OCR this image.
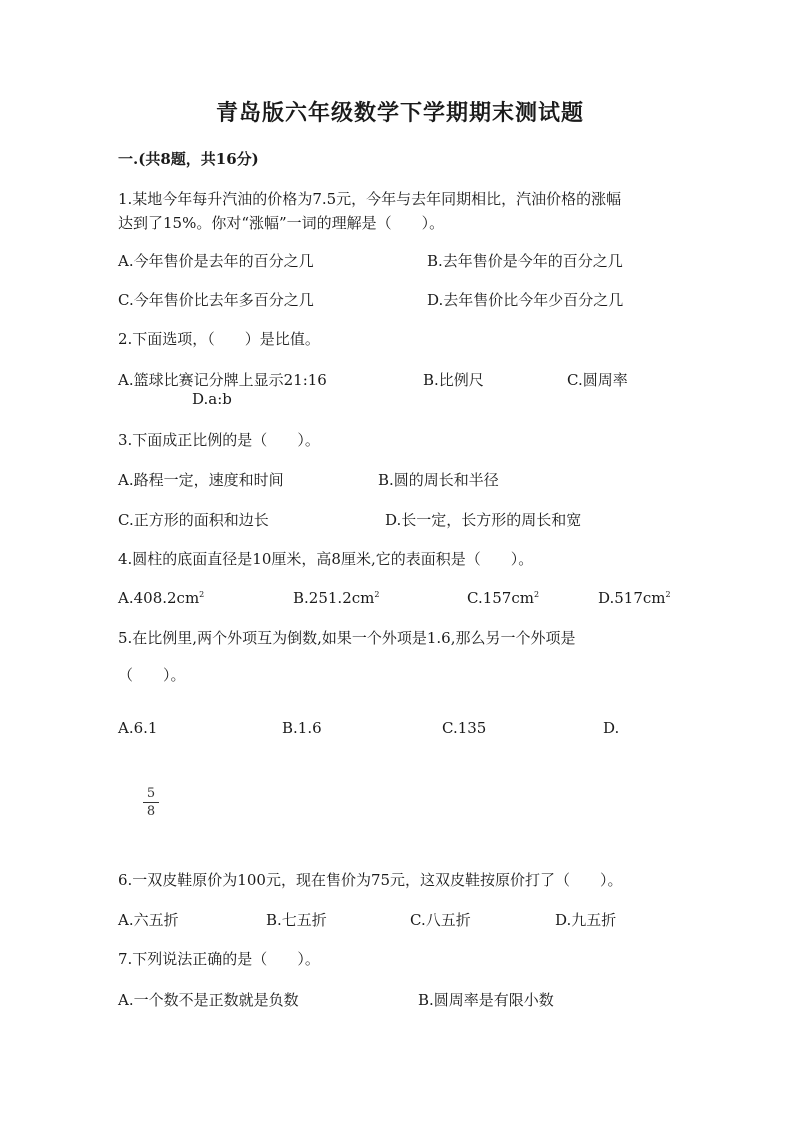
青岛版六年级数学下学期期末测试题
一.(共8题，共16分)
1.某地今年每升汽油的价格为7.5元，今年与去年同期相比，汽油价格的涨幅
达到了15%。你对“涨幅”一词的理解是（　　）。
A.今年售价是去年的百分之几	B.去年售价是今年的百分之几
C.今年售价比去年多百分之几	D.去年售价比今年少百分之几
2.下面选项，（　　）是比值。
A.篮球比赛记分牌上显示21:16	B.比例尺	C.圆周率
D.a:b
3.下面成正比例的是（　　）。
A.路程一定，速度和时间	B.圆的周长和半径
C.正方形的面积和边长	D.长一定，长方形的周长和宽
4.圆柱的底面直径是10厘米，高8厘米,它的表面积是（　　）。
$A.408.2cm^2$	$B.251.2cm^2$	$C.157cm^2$	$D.517cm^2$
5.在比例里,两个外项互为倒数,如果一个外项是1.6,那么另一个外项是
（　　）。
A.6.1	B.1.6	C.135	D.
5
8
6.一双皮鞋原价为100元，现在售价为75元，这双皮鞋按原价打了（　　）。
A.六五折	B.七五折	C.八五折	D.九五折
7.下列说法正确的是（　　）。
A.一个数不是正数就是负数	B.圆周率是有限小数
